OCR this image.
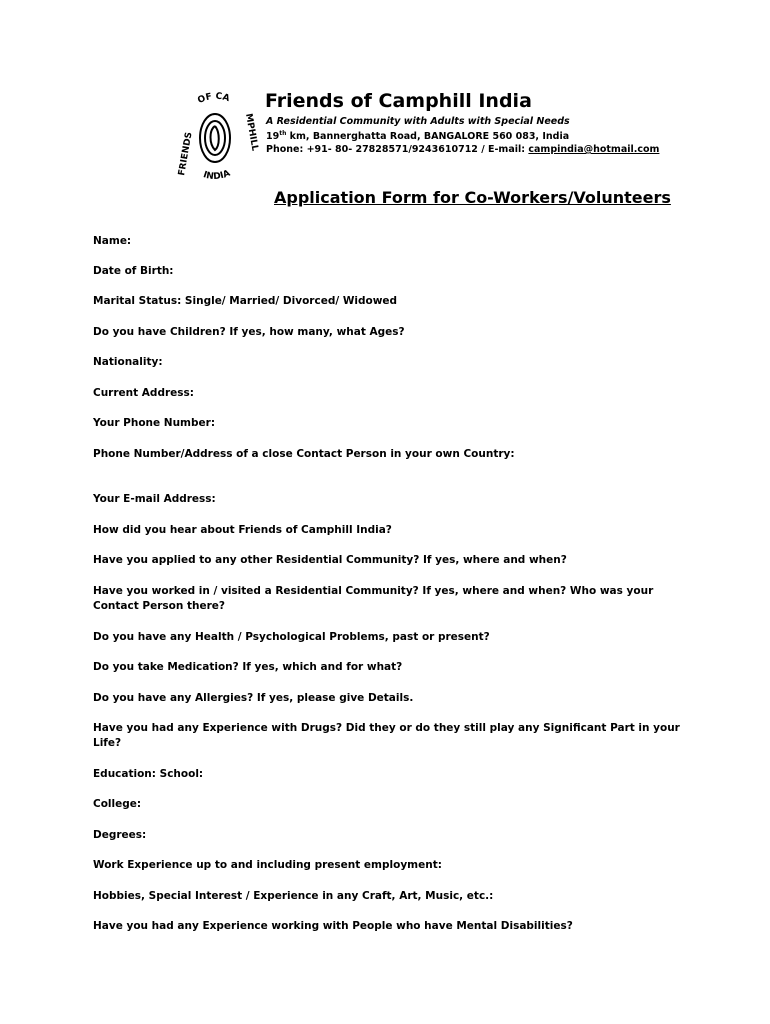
FRIENDS
OF CA
MPHILL
INDIA
Friends of Camphill India
A Residential Community with Adults with Special Needs
19th km, Bannerghatta Road, BANGALORE 560 083, India
Phone: +91- 80- 27828571/9243610712 / E-mail: campindia@hotmail.com
Application Form for Co-Workers/Volunteers
Name:
Date of Birth:
Marital Status: Single/ Married/ Divorced/ Widowed
Do you have Children? If yes, how many, what Ages?
Nationality:
Current Address:
Your Phone Number:
Phone Number/Address of a close Contact Person in your own Country:
Your E-mail Address:
How did you hear about Friends of Camphill India?
Have you applied to any other Residential Community? If yes, where and when?
Have you worked in / visited a Residential Community? If yes, where and when? Who was your Contact Person there?
Do you have any Health / Psychological Problems, past or present?
Do you take Medication? If yes, which and for what?
Do you have any Allergies? If yes, please give Details.
Have you had any Experience with Drugs? Did they or do they still play any Significant Part in your Life?
Education: School:
College:
Degrees:
Work Experience up to and including present employment:
Hobbies, Special Interest / Experience in any Craft, Art, Music, etc.:
Have you had any Experience working with People who have Mental Disabilities?
